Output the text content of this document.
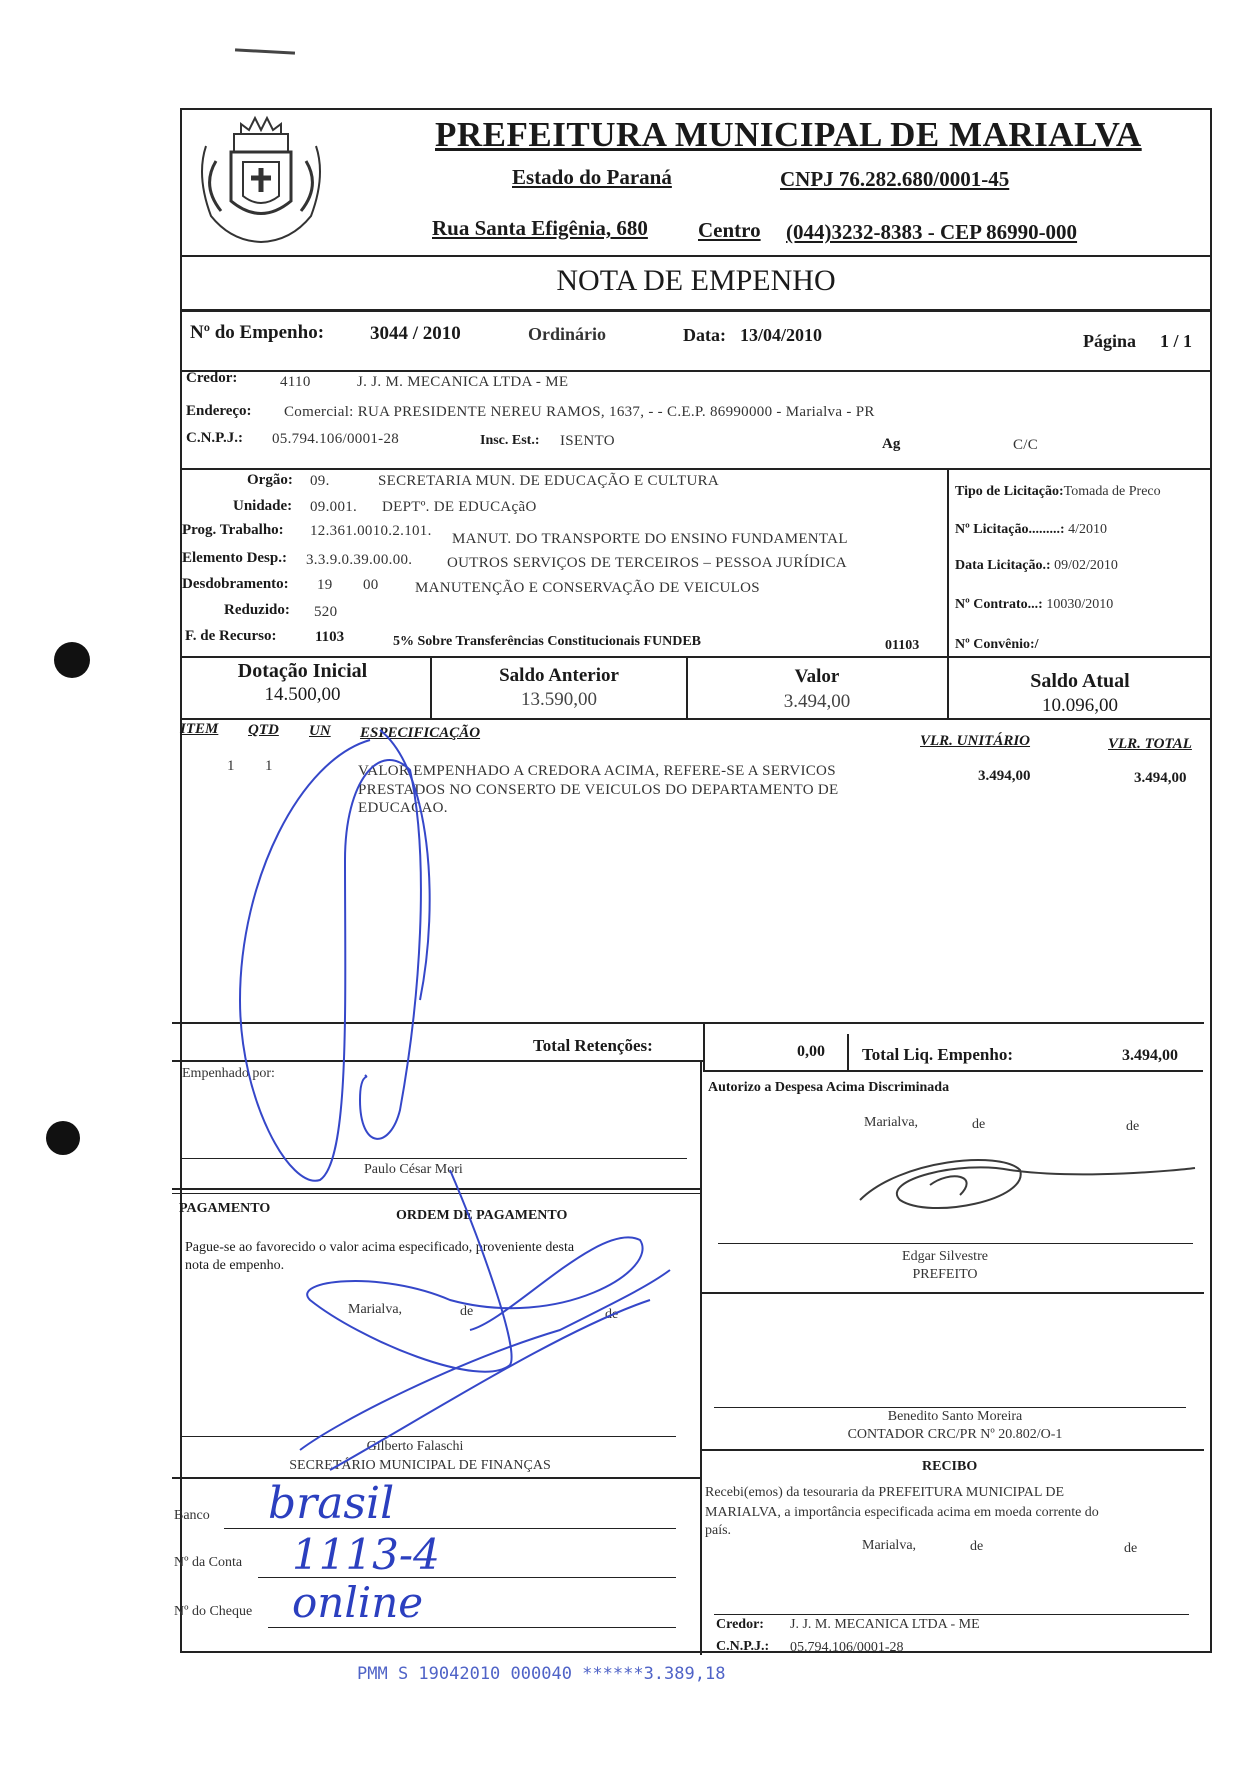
PREFEITURA MUNICIPAL DE MARIALVA
Estado do Paraná	CNPJ 76.282.680/0001-45
Rua Santa Efigênia, 680 Centro (044)3232-8383 - CEP 86990-000
NOTA DE EMPENHO
Nº do Empenho: 3044 / 2010	Ordinário	Data: 13/04/2010	Página 1 / 1
Credor:	4110	J. J. M. MECANICA LTDA - ME
Endereço: Comercial: RUA PRESIDENTE NEREU RAMOS, 1637, - - C.E.P. 86990000 - Marialva - PR
C.N.P.J.: 05.794.106/0001-28	Insc. Est.: ISENTO	Ag	C/C
Orgão: 09.	SECRETARIA MUN. DE EDUCAÇÃO E CULTURA
Unidade: 09.001. DEPTº. DE EDUCAçãO
Prog. Trabalho: 12.361.0010.2.101. MANUT. DO TRANSPORTE DO ENSINO FUNDAMENTAL
Elemento Desp.: 3.3.9.0.39.00.00. OUTROS SERVIÇOS DE TERCEIROS – PESSOA JURÍDICA
Desdobramento: 19 00 MANUTENÇÃO E CONSERVAÇÃO DE VEICULOS
Reduzido: 520
F. de Recurso:	1103	5% Sobre Transferências Constitucionais FUNDEB	01103
Tipo de Licitação:Tomada de Preco
Nº Licitação.........: 4/2010
Data Licitação.: 09/02/2010
Nº Contrato...: 10030/2010
Nº Convênio:/
Dotação Inicial
14.500,00
Saldo Anterior
13.590,00
Valor
3.494,00
Saldo Atual
10.096,00
ITEM QTD UN ESPECIFICAÇÃO	VLR. UNITÁRIO	VLR. TOTAL
1 1	VALOR EMPENHADO A CREDORA ACIMA, REFERE-SE A SERVICOS
PRESTADOS NO CONSERTO DE VEICULOS DO DEPARTAMENTO DE
EDUCACAO.
3.494,00	3.494,00
Total Retenções:	0,00 Total Liq. Empenho:	3.494,00
Empenhado por:
Paulo César Mori
Autorizo a Despesa Acima Discriminada
Marialva,	de	de
Edgar Silvestre
PREFEITO
PAGAMENTO	ORDEM DE PAGAMENTO
Pague-se ao favorecido o valor acima especificado, proveniente desta
nota de empenho.
Marialva,	de	de
Gilberto Falaschi
SECRETÁRIO MUNICIPAL DE FINANÇAS
Benedito Santo Moreira
CONTADOR CRC/PR Nº 20.802/O-1
Banco brasil
Nº da Conta 1113-4
Nº do Cheque online
RECIBO
Recebi(emos) da tesouraria da PREFEITURA MUNICIPAL DE
MARIALVA, a importância especificada acima em moeda corrente do
país.
Marialva,	de	de
Credor: J. J. M. MECANICA LTDA - ME
C.N.P.J.: 05.794.106/0001-28
PMM S 19042010 000040 ******3.389,18
